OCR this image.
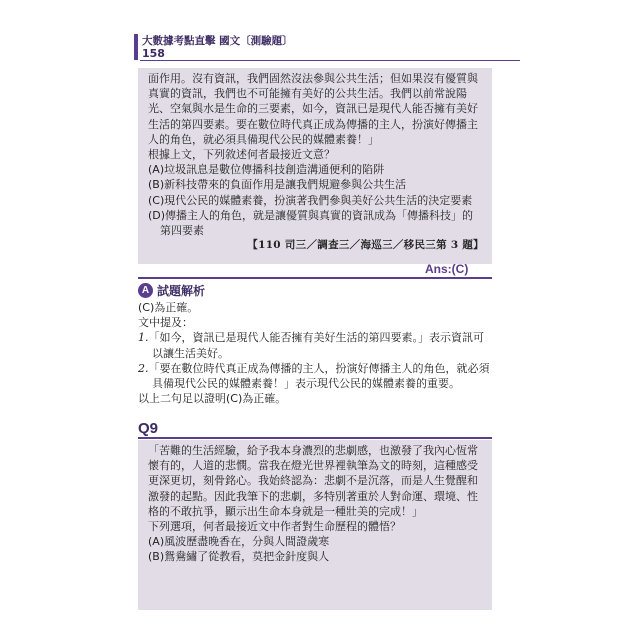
大數據考點直擊 國文〔測驗題〕
158

面作用。沒有資訊，我們固然沒法參與公共生活；但如果沒有優質與真實的資訊，我們也不可能擁有美好的公共生活。我們以前常說陽光、空氣與水是生命的三要素，如今，資訊已是現代人能否擁有美好生活的第四要素。要在數位時代真正成為傳播的主人，扮演好傳播主人的角色，就必須具備現代公民的媒體素養！」

根據上文，下列敘述何者最接近文意？

(A)垃圾訊息是數位傳播科技創造溝通便利的陷阱

(B)新科技帶來的負面作用是讓我們規避參與公共生活

(C)現代公民的媒體素養，扮演著我們參與美好公共生活的決定要素

(D)傳播主人的角色，就是讓優質與真實的資訊成為「傳播科技」的第四要素

【110 司三／調查三／海巡三／移民三第 3 題】

Ans:(C)
A 試題解析

(C)為正確。

文中提及：

1.「如今，資訊已是現代人能否擁有美好生活的第四要素。」表示資訊可以讓生活美好。

2.「要在數位時代真正成為傳播的主人，扮演好傳播主人的角色，就必須具備現代公民的媒體素養！」表示現代公民的媒體素養的重要。

以上二句足以證明(C)為正確。

Q9

「苦難的生活經驗，給予我本身濃烈的悲劇感，也激發了我內心恆常懷有的，人道的悲憫。當我在燈光世界裡執筆為文的時刻，這種感受更深更切，刻骨銘心。我始終認為：悲劇不是沉落，而是人生覺醒和激發的起點。因此我筆下的悲劇，多特別著重於人對命運、環境、性格的不敢抗爭，顯示出生命本身就是一種壯美的完成！」

下列選項，何者最接近文中作者對生命歷程的體悟？

(A)風波歷盡晚香在，分與人間證歲寒

(B)鴛鴦繡了從教看，莫把金針度與人
